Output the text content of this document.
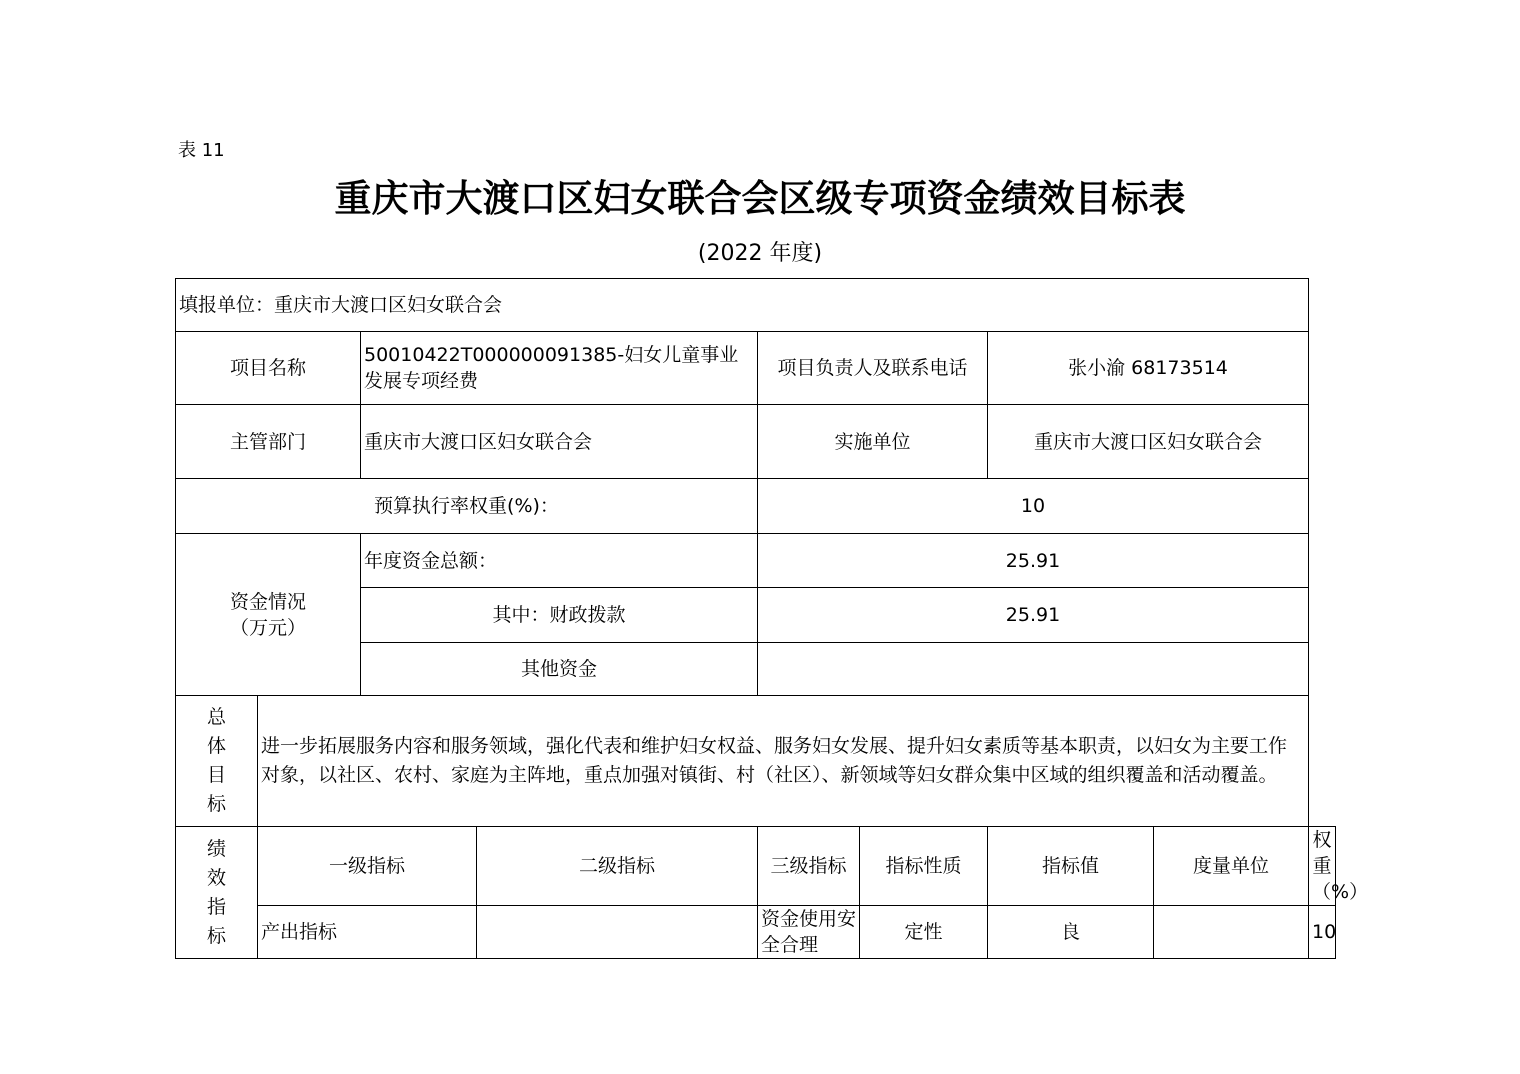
表 11
重庆市大渡口区妇女联合会区级专项资金绩效目标表
(2022 年度)
填报单位：重庆市大渡口区妇女联合会								
项目名称		50010422T000000091385-妇女儿童事业发展专项经费		项目负责人及联系电话		张小渝 68173514		
主管部门		重庆市大渡口区妇女联合会		实施单位		重庆市大渡口区妇女联合会		
预算执行率权重(%)：				10				

资金情况
（万元）		年度资金总额：		25.91				
		其中：财政拨款		25.91				
		其他资金						

总
体
目
标	进一步拓展服务内容和服务领域，强化代表和维护妇女权益、服务妇女发展、提升妇女素质等基本职责，以妇女为主要工作对象，以社区、农村、家庭为主阵地，重点加强对镇街、村（社区）、新领域等妇女群众集中区域的组织覆盖和活动覆盖。							

绩
效
指
标	一级指标		二级指标	三级指标	指标性质	指标值	度量单位	权重（%）
	产出指标			资金使用安全合理	定性	良		10
